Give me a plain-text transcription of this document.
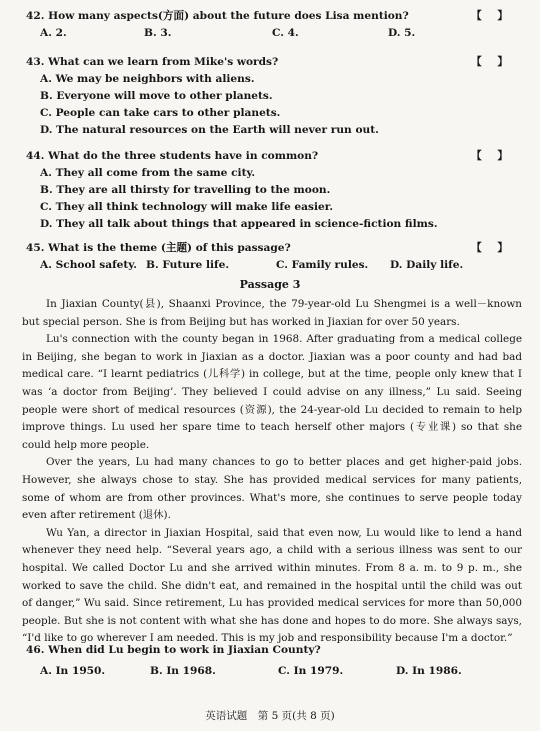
42. How many aspects(方面) about the future does Lisa mention?	【 】
A. 2.	B. 3.	C. 4.	D. 5.
43. What can we learn from Mike's words?	【 】
A. We may be neighbors with aliens.
B. Everyone will move to other planets.
C. People can take cars to other planets.
D. The natural resources on the Earth will never run out.
44. What do the three students have in common?	【 】
A. They all come from the same city.
B. They are all thirsty for travelling to the moon.
C. They all think technology will make life easier.
D. They all talk about things that appeared in science-fiction films.
45. What is the theme (主题) of this passage?	【 】
A. School safety. B. Future life.	C. Family rules. D. Daily life.
Passage 3

In Jiaxian County(县), Shaanxi Province, the 79-year-old Lu Shengmei is a well－known but special person. She is from Beijing but has worked in Jiaxian for over 50 years.

Lu's connection with the county began in 1968. After graduating from a medical college in Beijing, she began to work in Jiaxian as a doctor. Jiaxian was a poor county and had bad medical care. “I learnt pediatrics (儿科学) in college, but at the time, people only knew that I was ‘a doctor from Beijing’. They believed I could advise on any illness,” Lu said. Seeing people were short of medical resources (资源), the 24-year-old Lu decided to remain to help improve things. Lu used her spare time to teach herself other majors (专业课) so that she could help more people.

Over the years, Lu had many chances to go to better places and get higher-paid jobs. However, she always chose to stay. She has provided medical services for many patients, some of whom are from other provinces. What's more, she continues to serve people today even after retirement (退休).

Wu Yan, a director in Jiaxian Hospital, said that even now, Lu would like to lend a hand whenever they need help. “Several years ago, a child with a serious illness was sent to our hospital. We called Doctor Lu and she arrived within minutes. From 8 a. m. to 9 p. m., she worked to save the child. She didn't eat, and remained in the hospital until the child was out of danger,” Wu said. Since retirement, Lu has provided medical services for more than 50,000 people. But she is not content with what she has done and hopes to do more. She always says, “I'd like to go wherever I am needed. This is my job and responsibility because I'm a doctor.”

46. When did Lu begin to work in Jiaxian County?
A. In 1950.	B. In 1968.	C. In 1979.	D. In 1986.
英语试题　第 5 页(共 8 页)
